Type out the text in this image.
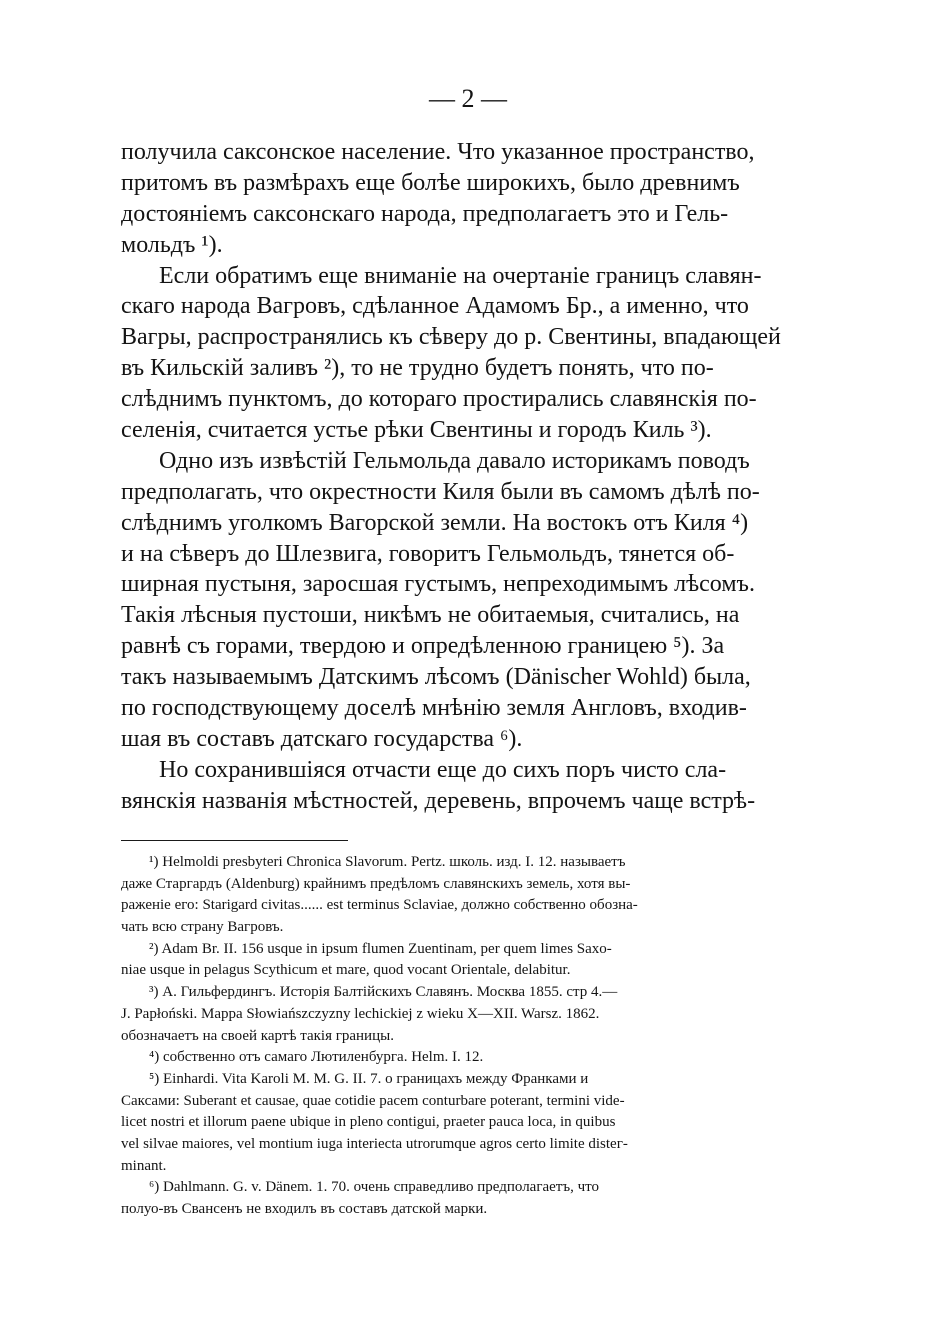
— 2 —
получила саксонское население. Что указанное пространство,
притомъ въ размѣрахъ еще болѣе широкихъ, было древнимъ
достояніемъ саксонскаго народа, предполагаетъ это и Гель-
мольдъ ¹).
Если обратимъ еще вниманіе на очертаніе границъ славян-
скаго народа Вагровъ, сдѣланное Адамомъ Бр., а именно, что
Вагры, распространялись къ сѣверу до р. Свентины, впадающей
въ Кильскій заливъ ²), то не трудно будетъ понять, что по-
слѣднимъ пунктомъ, до котораго простирались славянскія по-
селенія, считается устье рѣки Свентины и городъ Киль ³).
Одно изъ извѣстій Гельмольда давало историкамъ поводъ
предполагать, что окрестности Киля были въ самомъ дѣлѣ по-
слѣднимъ уголкомъ Вагорской земли. На востокъ отъ Киля ⁴)
и на сѣверъ до Шлезвига, говоритъ Гельмольдъ, тянется об-
ширная пустыня, заросшая густымъ, непреходимымъ лѣсомъ.
Такія лѣсныя пустоши, никѣмъ не обитаемыя, считались, на
равнѣ съ горами, твердою и опредѣленною границею ⁵). За
такъ называемымъ Датскимъ лѣсомъ (Dänischer Wohld) была,
по господствующему доселѣ мнѣнію земля Англовъ, входив-
шая въ составъ датскаго государства ⁶).
Но сохранившіяся отчасти еще до сихъ поръ чисто сла-
вянскія названія мѣстностей, деревень, впрочемъ чаще встрѣ-
¹) Helmoldi presbyteri Chronica Slavorum. Pertz. школь. изд. I. 12. называетъ
даже Старгардъ (Aldenburg) крайнимъ предѣломъ славянскихъ земель, хотя вы-
раженіе его: Starigard civitas...... est terminus Sclaviae, должно собственно обозна-
чать всю страну Вагровъ.
²) Adam Br. II. 156 usque in ipsum flumen Zuentinam, per quem limes Saxo-
niae usque in pelagus Scythicum et mare, quod vocant Orientale, delabitur.
³) А. Гильфердингъ. Исторія Балтійскихъ Славянъ. Москва 1855. стр 4.—
J. Papłoński. Mappa Słowiańszczyzny lechickiej z wieku X—XII. Warsz. 1862.
обозначаетъ на своей картѣ такія границы.
⁴) собственно отъ самаго Лютиленбурга. Helm. I. 12.
⁵) Einhardi. Vita Karoli M. M. G. II. 7. о границахъ между Франками и
Саксами: Suberant et causae, quae cotidie pacem conturbare poterant, termini vide-
licet nostri et illorum paene ubique in pleno contigui, praeter pauca loca, in quibus
vel silvae maiores, vel montium iuga interiecta utrorumque agros certo limite disteг-
minant.
⁶) Dahlmann. G. v. Dänem. 1. 70. очень справедливо предполагаетъ, что
полуо-въ Свансенъ не входилъ въ составъ датской марки.
